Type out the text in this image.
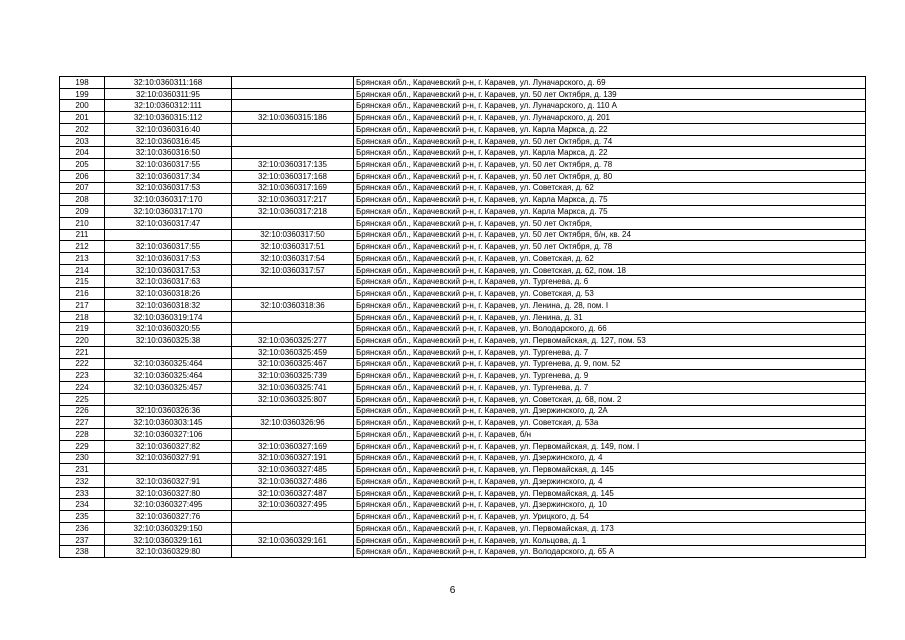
198	32:10:0360311:168		Брянская обл., Карачевский р-н, г. Карачев, ул. Луначарского, д. 69
199	32:10:0360311:95		Брянская обл., Карачевский р-н, г. Карачев, ул. 50 лет Октября, д. 139
200	32:10:0360312:111		Брянская обл., Карачевский р-н, г. Карачев, ул. Луначарского, д. 110 А
201	32:10:0360315:112	32:10:0360315:186	Брянская обл., Карачевский р-н, г. Карачев, ул. Луначарского, д. 201
202	32:10:0360316:40		Брянская обл., Карачевский р-н, г. Карачев, ул. Карла Маркса, д. 22
203	32:10:0360316:45		Брянская обл., Карачевский р-н, г. Карачев, ул. 50 лет Октября, д. 74
204	32:10:0360316:50		Брянская обл., Карачевский р-н, г. Карачев, ул. Карла Маркса, д. 22
205	32:10:0360317:55	32:10:0360317:135	Брянская обл., Карачевский р-н, г. Карачев, ул. 50 лет Октября, д. 78
206	32:10:0360317:34	32:10:0360317:168	Брянская обл., Карачевский р-н, г. Карачев, ул. 50 лет Октября, д. 80
207	32:10:0360317:53	32:10:0360317:169	Брянская обл., Карачевский р-н, г. Карачев, ул. Советская, д. 62
208	32:10:0360317:170	32:10:0360317:217	Брянская обл., Карачевский р-н, г. Карачев, ул. Карла Маркса, д. 75
209	32:10:0360317:170	32:10:0360317:218	Брянская обл., Карачевский р-н, г. Карачев, ул. Карла Маркса, д. 75
210	32:10:0360317:47		Брянская обл., Карачевский р-н, г. Карачев, ул. 50 лет Октября,
211		32:10:0360317:50	Брянская обл., Карачевский р-н, г. Карачев, ул. 50 лет Октября, б/н, кв. 24
212	32:10:0360317:55	32:10:0360317:51	Брянская обл., Карачевский р-н, г. Карачев, ул. 50 лет Октября, д. 78
213	32:10:0360317:53	32:10:0360317:54	Брянская обл., Карачевский р-н, г. Карачев, ул. Советская, д. 62
214	32:10:0360317:53	32:10:0360317:57	Брянская обл., Карачевский р-н, г. Карачев, ул. Советская, д. 62, пом. 18
215	32:10:0360317:63		Брянская обл., Карачевский р-н, г. Карачев, ул. Тургенева, д. 6
216	32:10:0360318:26		Брянская обл., Карачевский р-н, г. Карачев, ул. Советская, д. 53
217	32:10:0360318:32	32:10:0360318:36	Брянская обл., Карачевский р-н, г. Карачев, ул. Ленина, д. 28, пом. I
218	32:10:0360319:174		Брянская обл., Карачевский р-н, г. Карачев, ул. Ленина, д. 31
219	32:10:0360320:55		Брянская обл., Карачевский р-н, г. Карачев, ул. Володарского, д. 66
220	32:10:0360325:38	32:10:0360325:277	Брянская обл., Карачевский р-н, г. Карачев, ул. Первомайская, д. 127, пом. 53
221		32:10:0360325:459	Брянская обл., Карачевский р-н, г. Карачев, ул. Тургенева, д. 7
222	32:10:0360325:464	32:10:0360325:467	Брянская обл., Карачевский р-н, г. Карачев, ул. Тургенева, д. 9, пом. 52
223	32:10:0360325:464	32:10:0360325:739	Брянская обл., Карачевский р-н, г. Карачев, ул. Тургенева, д. 9
224	32:10:0360325:457	32:10:0360325:741	Брянская обл., Карачевский р-н, г. Карачев, ул. Тургенева, д. 7
225		32:10:0360325:807	Брянская обл., Карачевский р-н, г. Карачев, ул. Советская, д. 68, пом. 2
226	32:10:0360326:36		Брянская обл., Карачевский р-н, г. Карачев, ул. Дзержинского, д. 2А
227	32:10:0360303:145	32:10:0360326:96	Брянская обл., Карачевский р-н, г. Карачев, ул. Советская, д. 53а
228	32:10:0360327:106		Брянская обл., Карачевский р-н, г. Карачев, б/н
229	32:10:0360327:82	32:10:0360327:169	Брянская обл., Карачевский р-н, г. Карачев, ул. Первомайская, д. 149, пом. I
230	32:10:0360327:91	32:10:0360327:191	Брянская обл., Карачевский р-н, г. Карачев, ул. Дзержинского, д. 4
231		32:10:0360327:485	Брянская обл., Карачевский р-н, г. Карачев, ул. Первомайская, д. 145
232	32:10:0360327:91	32:10:0360327:486	Брянская обл., Карачевский р-н, г. Карачев, ул. Дзержинского, д. 4
233	32:10:0360327:80	32:10:0360327:487	Брянская обл., Карачевский р-н, г. Карачев, ул. Первомайская, д. 145
234	32:10:0360327:495	32:10:0360327:495	Брянская обл., Карачевский р-н, г. Карачев, ул. Дзержинского, д. 10
235	32:10:0360327:76		Брянская обл., Карачевский р-н, г. Карачев, ул. Урицкого, д. 54
236	32:10:0360329:150		Брянская обл., Карачевский р-н, г. Карачев, ул. Первомайская, д. 173
237	32:10:0360329:161	32:10:0360329:161	Брянская обл., Карачевский р-н, г. Карачев, ул. Кольцова, д. 1
238	32:10:0360329:80		Брянская обл., Карачевский р-н, г. Карачев, ул. Володарского, д. 65 А
6
